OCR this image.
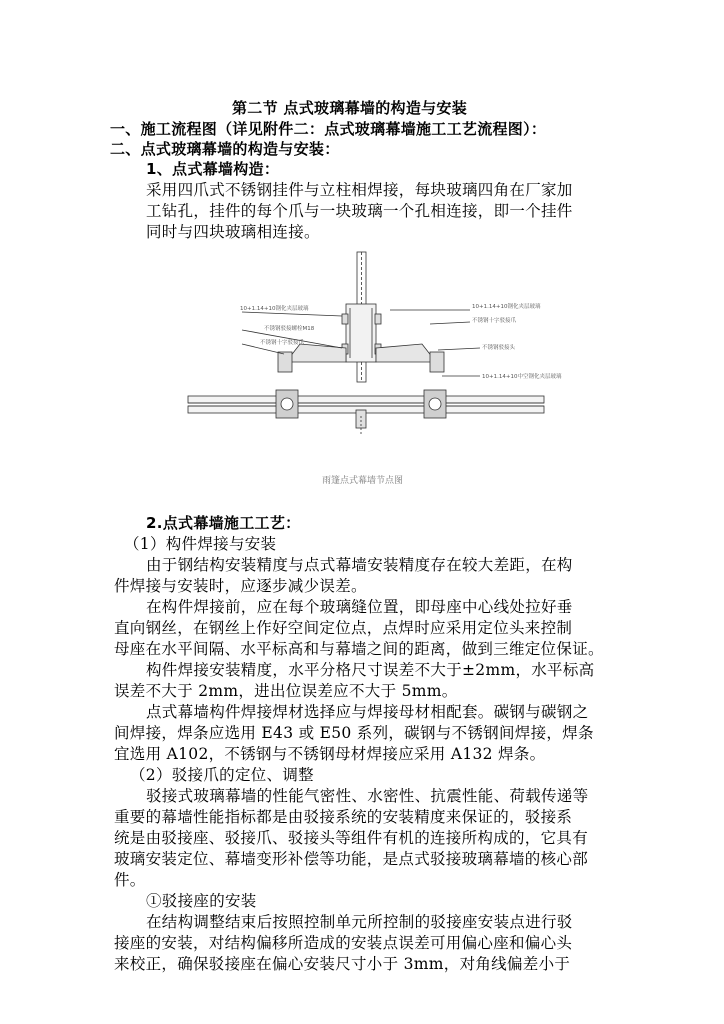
第二节 点式玻璃幕墙的构造与安装
一、施工流程图（详见附件二：点式玻璃幕墙施工工艺流程图）：
二、点式玻璃幕墙的构造与安装：
1、点式幕墙构造：
采用四爪式不锈钢挂件与立柱相焊接，每块玻璃四角在厂家加
工钻孔，挂件的每个爪与一块玻璃一个孔相连接，即一个挂件
同时与四块玻璃相连接。
10+1.14+10钢化夹层玻璃
不锈钢驳接螺栓M18
不锈钢十字驳接爪
10+1.14+10钢化夹层玻璃
不锈钢十字驳接爪
不锈钢驳接头
10+1.14+10中空钢化夹层玻璃
雨篷点式幕墙节点图
2.点式幕墙施工工艺：
（1）构件焊接与安装
由于钢结构安装精度与点式幕墙安装精度存在较大差距，在构
件焊接与安装时，应逐步减少误差。
在构件焊接前，应在每个玻璃缝位置，即母座中心线处拉好垂
直向钢丝，在钢丝上作好空间定位点，点焊时应采用定位头来控制
母座在水平间隔、水平标高和与幕墙之间的距离，做到三维定位保证。
构件焊接安装精度，水平分格尺寸误差不大于±2mm，水平标高
误差不大于 2mm，进出位误差应不大于 5mm。
点式幕墙构件焊接焊材选择应与焊接母材相配套。碳钢与碳钢之
间焊接，焊条应选用 E43 或 E50 系列，碳钢与不锈钢间焊接，焊条
宜选用 A102，不锈钢与不锈钢母材焊接应采用 A132 焊条。
（2）驳接爪的定位、调整
驳接式玻璃幕墙的性能气密性、水密性、抗震性能、荷载传递等
重要的幕墙性能指标都是由驳接系统的安装精度来保证的，驳接系
统是由驳接座、驳接爪、驳接头等组件有机的连接所构成的，它具有
玻璃安装定位、幕墙变形补偿等功能，是点式驳接玻璃幕墙的核心部
件。
①驳接座的安装
在结构调整结束后按照控制单元所控制的驳接座安装点进行驳
接座的安装，对结构偏移所造成的安装点误差可用偏心座和偏心头
来校正，确保驳接座在偏心安装尺寸小于 3mm，对角线偏差小于
